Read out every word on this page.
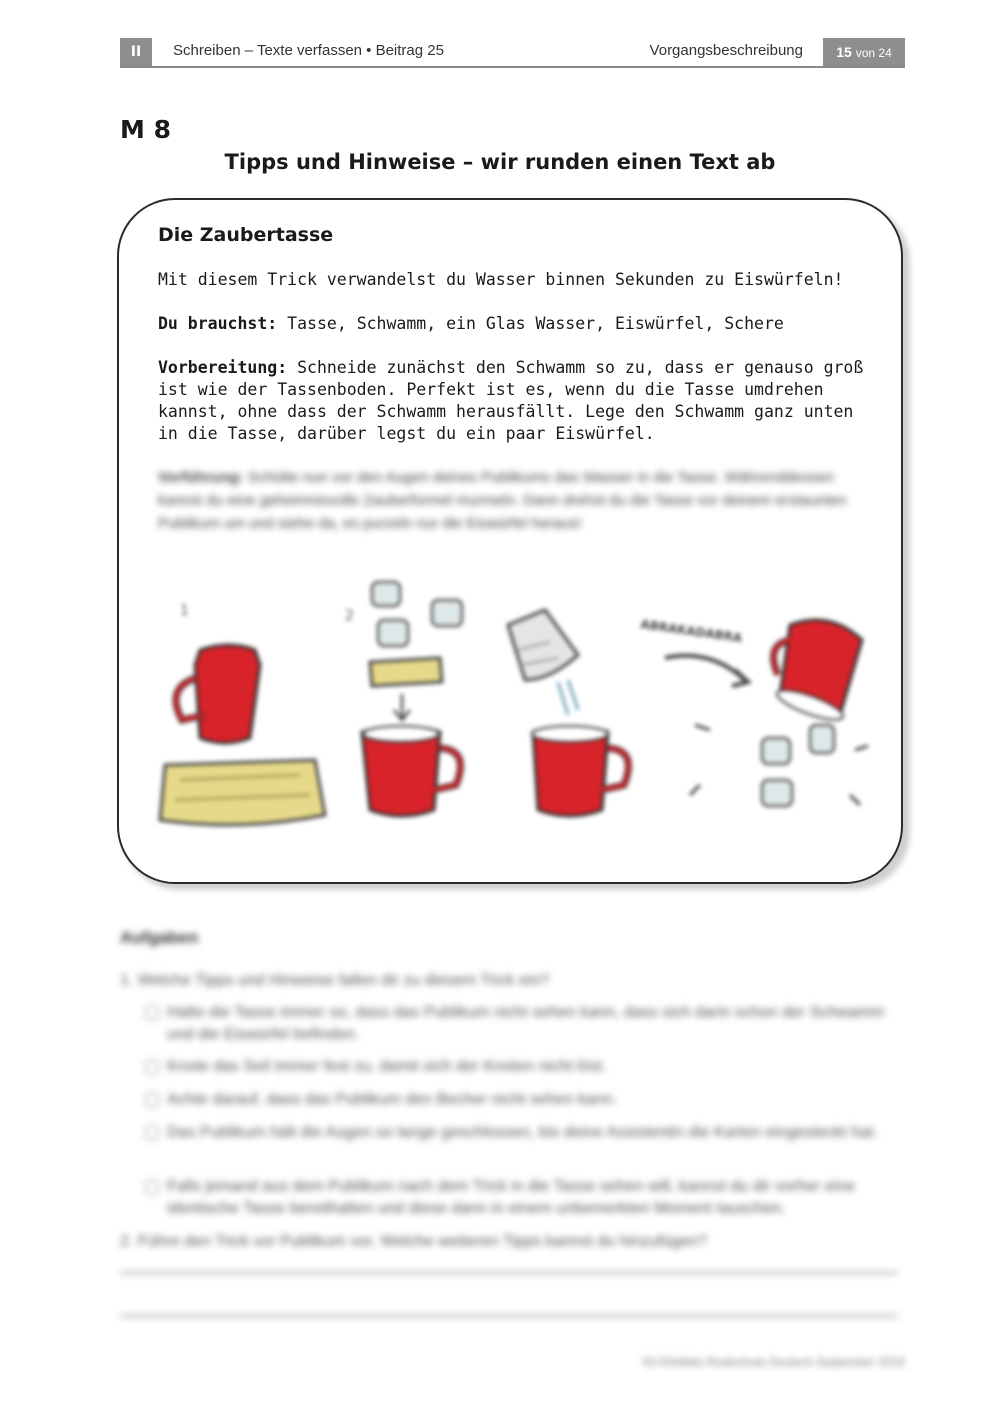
II	Schreiben – Texte verfassen • Beitrag 25	Vorgangsbeschreibung	15 von 24
M 8
Tipps und Hinweise – wir runden einen Text ab
Die Zaubertasse
Mit diesem Trick verwandelst du Wasser binnen Sekunden zu Eiswürfeln!
Du brauchst: Tasse, Schwamm, ein Glas Wasser, Eiswürfel, Schere
Vorbereitung: Schneide zunächst den Schwamm so zu, dass er genauso groß ist wie der Tassenboden. Perfekt ist es, wenn du die Tasse umdrehen kannst, ohne dass der Schwamm herausfällt. Lege den Schwamm ganz unten in die Tasse, darüber legst du ein paar Eiswürfel.
Vorführung: Schütte nun vor den Augen deines Publikums das Wasser in die Tasse. Währenddessen kannst du eine geheimnisvolle Zauberformel murmeln. Dann drehst du die Tasse vor deinem erstaunten Publikum um und siehe da, es purzeln nur die Eiswürfel heraus!
1	2
ABRAKADABRA
Aufgaben
1. Welche Tipps und Hinweise fallen dir zu diesem Trick ein?
Halte die Tasse immer so, dass das Publikum nicht sehen kann, dass sich darin schon der Schwamm und die Eiswürfel befinden.
Knote das Seil immer fest zu, damit sich der Knoten nicht löst.
Achte darauf, dass das Publikum den Becher nicht sehen kann.
Das Publikum hält die Augen so lange geschlossen, bis deine Assistentin die Karten eingesteckt hat.
Falls jemand aus dem Publikum nach dem Trick in die Tasse sehen will, kannst du dir vorher eine identische Tasse bereithalten und diese dann in einem unbemerkten Moment tauschen.
2. Führe den Trick vor Publikum vor. Welche weiteren Tipps kannst du hinzufügen?
63 RAAbits Realschule Deutsch September 2016
